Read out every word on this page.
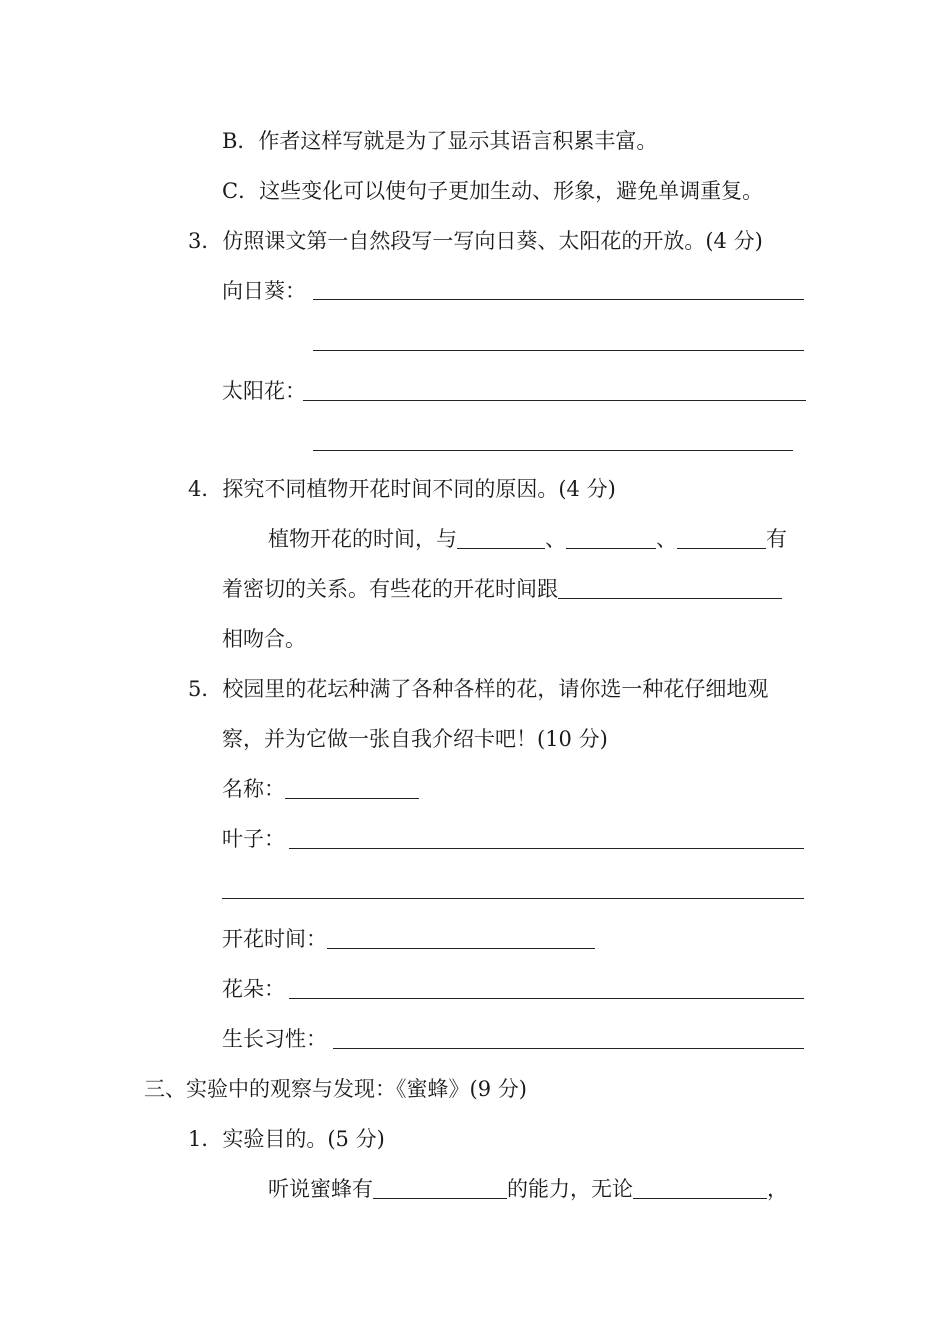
B．作者这样写就是为了显示其语言积累丰富。
C．这些变化可以使句子更加生动、形象，避免单调重复。
3．仿照课文第一自然段写一写向日葵、太阳花的开放。(4 分)
向日葵：
太阳花：
4．探究不同植物开花时间不同的原因。(4 分)
植物开花的时间，与	、	、	有
着密切的关系。有些花的开花时间跟
相吻合。
5．校园里的花坛种满了各种各样的花，请你选一种花仔细地观
察，并为它做一张自我介绍卡吧！(10 分)
名称：
叶子：
开花时间：
花朵：
生长习性：
三、实验中的观察与发现：《蜜蜂》(9 分)
1．实验目的。(5 分)
听说蜜蜂有	的能力，无论	，
